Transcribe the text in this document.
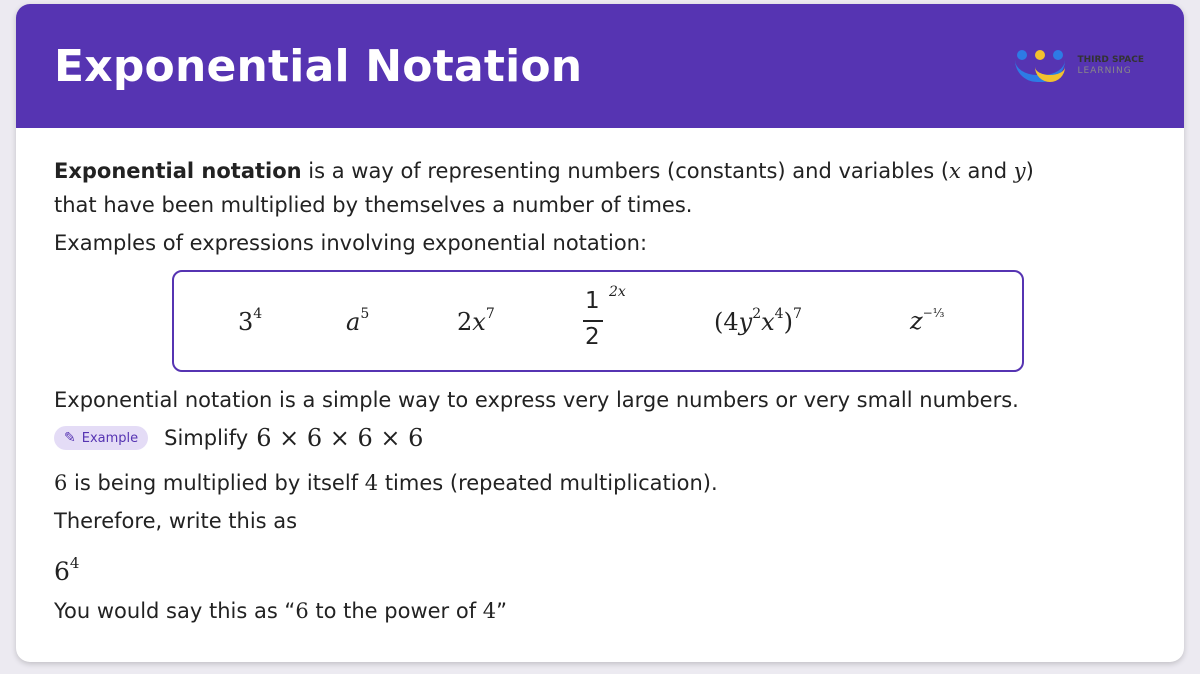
Exponential Notation

Exponential notation is a way of representing numbers (constants) and variables (x and y)
that have been multiplied by themselves a number of times.

Examples of expressions involving exponential notation:

$3^4$	$a^5$	$2x^7$	1
2
2x
$(4y^2x^4)^7$	$z^{-\frac{1}{3}}$

Exponential notation is a simple way to express very large numbers or very small numbers.

✎ Example Simplify 6 × 6 × 6 × 6

6 is being multiplied by itself 4 times (repeated multiplication).

Therefore, write this as

$6^4$

You would say this as “6 to the power of 4”

THIRD SPACE
LEARNING
